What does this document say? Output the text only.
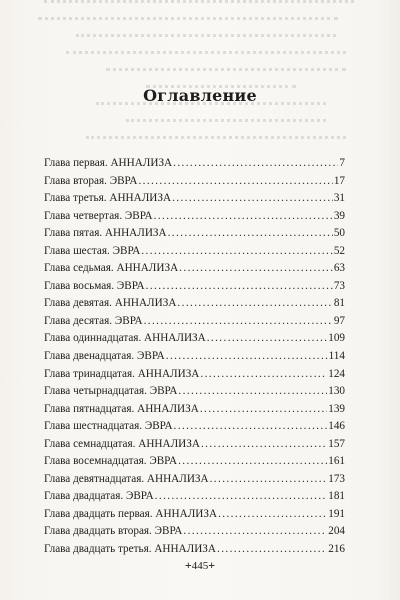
Оглавление
Глава первая. АННАЛИЗА .....	7
Глава вторая. ЭВРА .....	17
Глава третья. АННАЛИЗА .....	31
Глава четвертая. ЭВРА .....	39
Глава пятая. АННАЛИЗА .....	50
Глава шестая. ЭВРА .....	52
Глава седьмая. АННАЛИЗА .....	63
Глава восьмая. ЭВРА .....	73
Глава девятая. АННАЛИЗА .....	81
Глава десятая. ЭВРА .....	97
Глава одиннадцатая. АННАЛИЗА .....	109
Глава двенадцатая. ЭВРА .....	114
Глава тринадцатая. АННАЛИЗА .....	124
Глава четырнадцатая. ЭВРА .....	130
Глава пятнадцатая. АННАЛИЗА .....	139
Глава шестнадцатая. ЭВРА .....	146
Глава семнадцатая. АННАЛИЗА .....	157
Глава восемнадцатая. ЭВРА .....	161
Глава девятнадцатая. АННАЛИЗА .....	173
Глава двадцатая. ЭВРА .....	181
Глава двадцать первая. АННАЛИЗА .....	191
Глава двадцать вторая. ЭВРА .....	204
Глава двадцать третья. АННАЛИЗА .....	216
+445+
